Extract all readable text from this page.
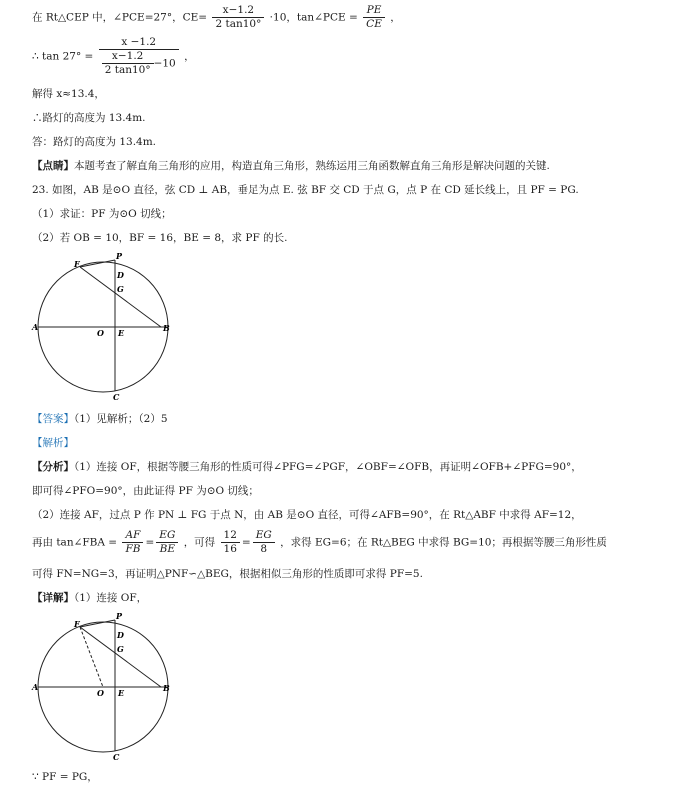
在 Rt△CEP 中，∠PCE=27°，$CE= \frac{x-1.2}{2 \tan 10^\circ} \cdot 10$，tan∠PCE = $\frac{PE}{CE}$ ，
∴ $\tan 27^\circ = \frac{x -1.2}{\frac{x-1.2}{2 \tan 10^\circ} -10}$ ，
解得 x≈13.4，
∴路灯的高度为 13.4m.
答：路灯的高度为 13.4m.
【点睛】本题考查了解直角三角形的应用，构造直角三角形，熟练运用三角函数解直角三角形是解决问题的关键.
23. 如图，AB 是⊙O 直径，弦 CD ⊥ AB，垂足为点 E. 弦 BF 交 CD 于点 G，点 P 在 CD 延长线上，且 PF = PG.
（1）求证：PF 为⊙O 切线；
（2）若 OB = 10，BF = 16，BE = 8，求 PF 的长.
F
P
D
G
A
O E	B
C
【答案】（1）见解析；（2）5
【解析】
【分析】（1）连接 OF，根据等腰三角形的性质可得∠PFG=∠PGF，∠OBF=∠OFB，再证明∠OFB+∠PFG=90°，
即可得∠PFO=90°，由此证得 PF 为⊙O 切线；
（2）连接 AF，过点 P 作 PN ⊥ FG 于点 N，由 AB 是⊙O 直径，可得∠AFB=90°，在 Rt△ABF 中求得 AF=12，
再由 tan∠FBA = $\frac{AF}{FB} = \frac{EG}{BE}$ ，可得 $\frac{12}{16} = \frac{EG}{8}$ ，求得 EG=6；在 Rt△BEG 中求得 BG=10；再根据等腰三角形性质
可得 FN=NG=3，再证明△PNF∽△BEG，根据相似三角形的性质即可求得 PF=5.
【详解】（1）连接 OF，
F
P
D
G
A
O E	B
C
∵ PF = PG，
